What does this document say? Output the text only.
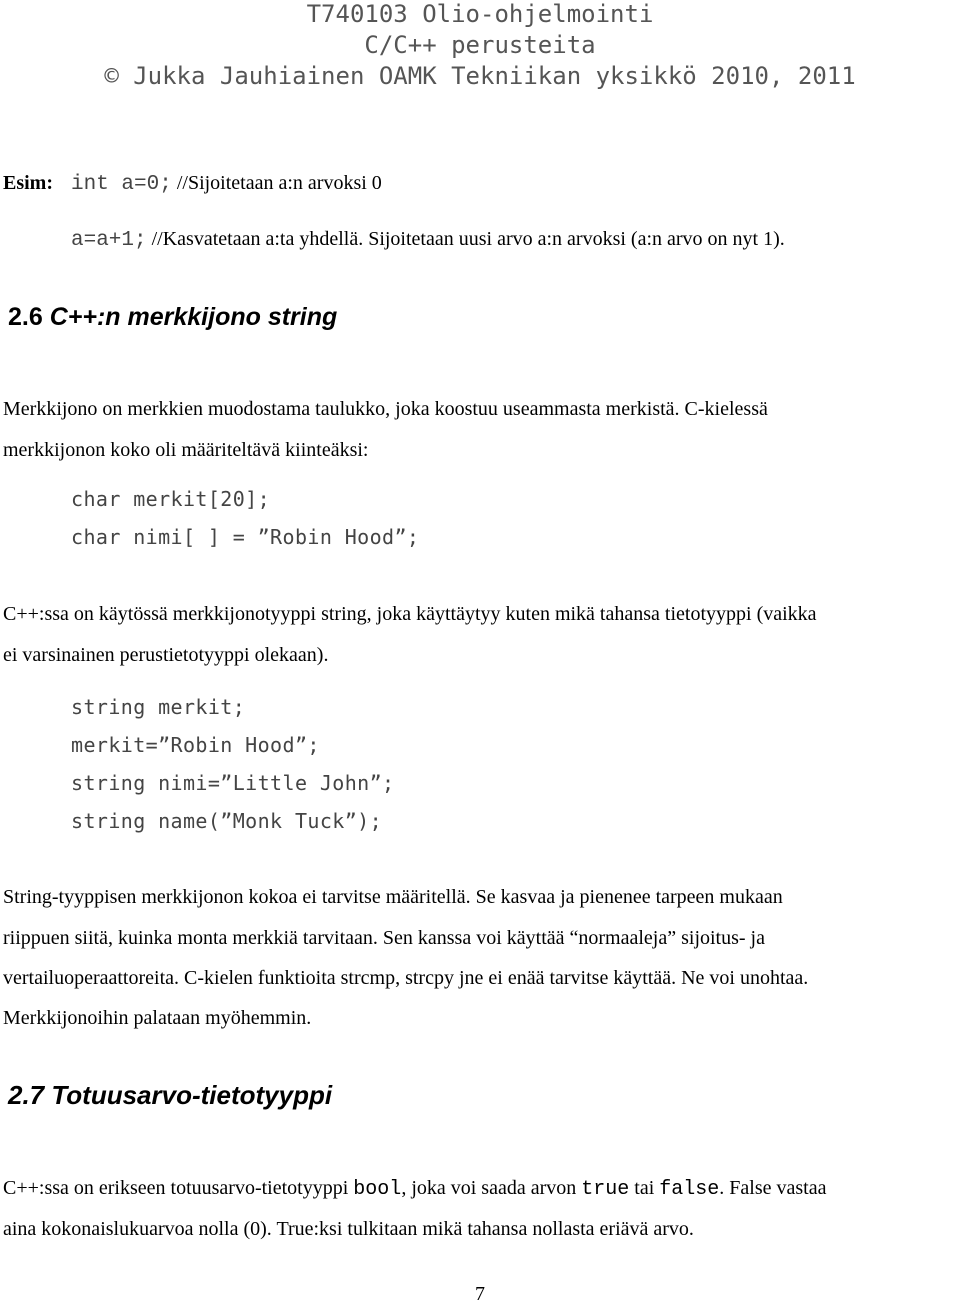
T740103 Olio-ohjelmointi
C/C++ perusteita
© Jukka Jauhiainen OAMK Tekniikan yksikkö 2010, 2011
Esim: int a=0; //Sijoitetaan a:n arvoksi 0
a=a+1; //Kasvatetaan a:ta yhdellä. Sijoitetaan uusi arvo a:n arvoksi (a:n arvo on nyt 1).
2.6 C++:n merkkijono string
Merkkijono on merkkien muodostama taulukko, joka koostuu useammasta merkistä. C-kielessä
merkkijonon koko oli määriteltävä kiinteäksi:
char merkit[20];
char nimi[ ] = ”Robin Hood”;
C++:ssa on käytössä merkkijonotyyppi string, joka käyttäytyy kuten mikä tahansa tietotyyppi (vaikka
ei varsinainen perustietotyyppi olekaan).
string merkit;
merkit=”Robin Hood”;
string nimi=”Little John”;
string name(”Monk Tuck”);
String-tyyppisen merkkijonon kokoa ei tarvitse määritellä. Se kasvaa ja pienenee tarpeen mukaan
riippuen siitä, kuinka monta merkkiä tarvitaan. Sen kanssa voi käyttää “normaaleja” sijoitus- ja
vertailuoperaattoreita. C-kielen funktioita strcmp, strcpy jne ei enää tarvitse käyttää. Ne voi unohtaa.
Merkkijonoihin palataan myöhemmin.
2.7 Totuusarvo-tietotyyppi
C++:ssa on erikseen totuusarvo-tietotyyppi bool, joka voi saada arvon true tai false. False vastaa
aina kokonaislukuarvoa nolla (0). True:ksi tulkitaan mikä tahansa nollasta eriävä arvo.
7
